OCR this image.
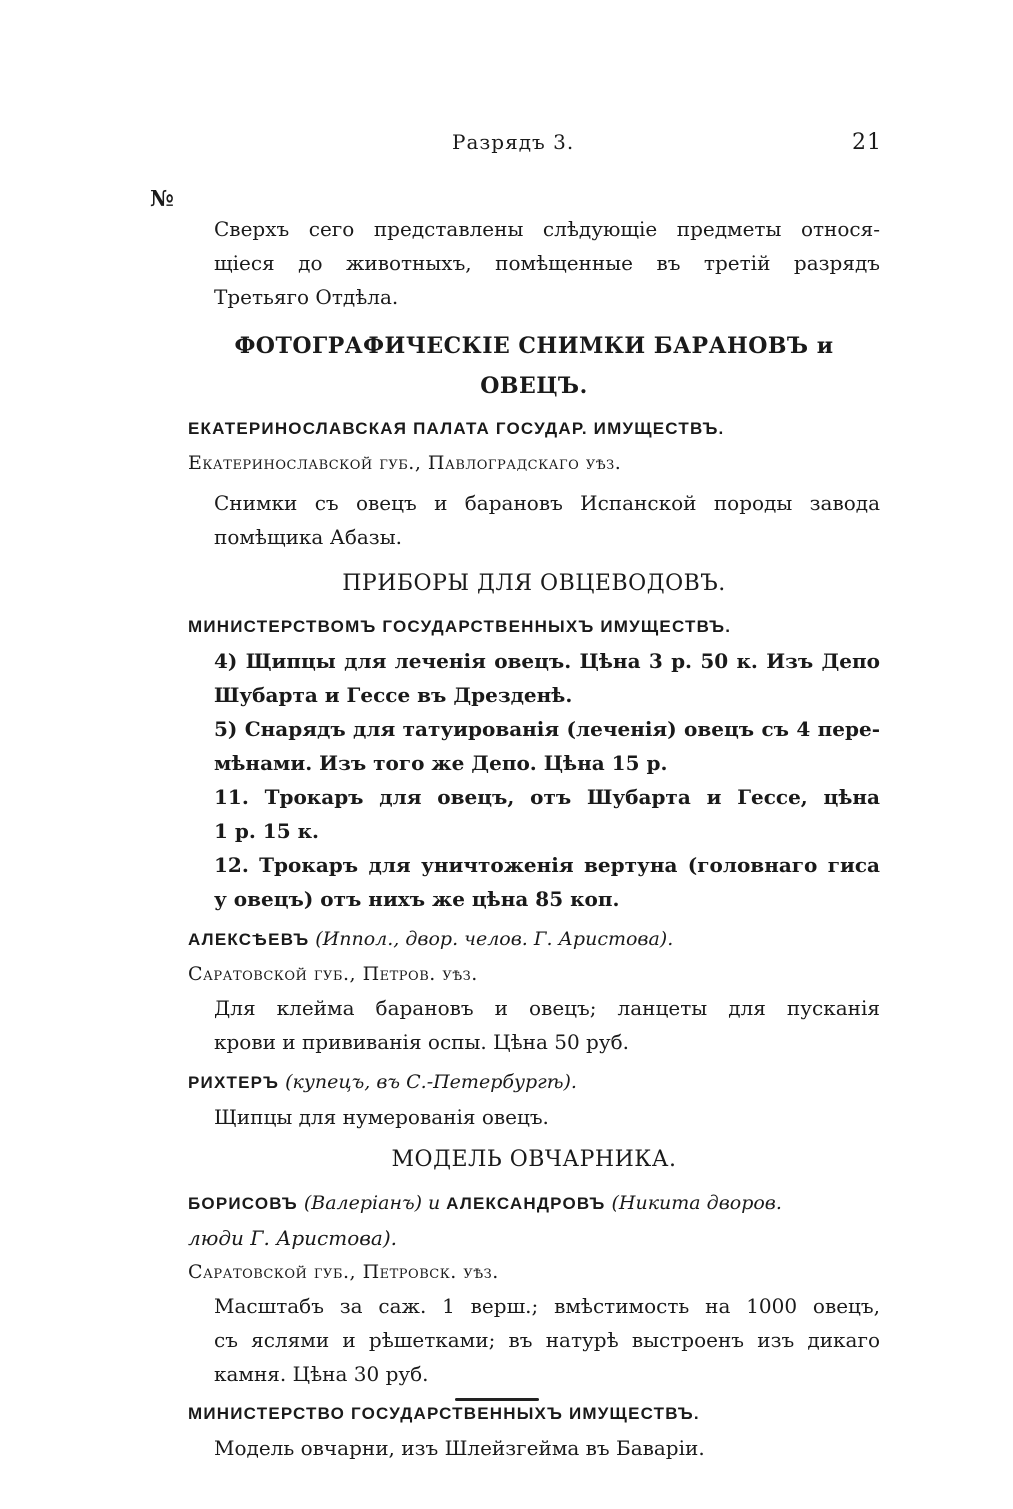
Разрядъ 3.	21
№

Сверхъ сего представлены слѣдующіе предметы относя-
щіеся до животныхъ, помѣщенные въ третій разрядъ
Третьяго Отдѣла.

ФОТОГРАФИЧЕСКІЕ СНИМКИ БАРАНОВЪ и ОВЕЦЪ.
ЕКАТЕРИНОСЛАВСКАЯ ПАЛАТА ГОСУДАР. ИМУЩЕСТВЪ.

Екатеринославской губ., Павлоградскаго уѣз.

Снимки съ овецъ и барановъ Испанской породы завода
помѣщика Абазы.

ПРИБОРЫ ДЛЯ ОВЦЕВОДОВЪ.
МИНИСТЕРСТВОМЪ ГОСУДАРСТВЕННЫХЪ ИМУЩЕСТВЪ.

4) Щипцы для леченія овецъ. Цѣна 3 р. 50 к. Изъ Депо
Шубарта и Гессе въ Дрезденѣ.

5) Снарядъ для татуированія (леченія) овецъ съ 4 пере-
мѣнами. Изъ того же Депо. Цѣна 15 р.

11. Трокаръ для овецъ, отъ Шубарта и Гессе, цѣна
1 р. 15 к.

12. Трокаръ для уничтоженія вертуна (головнаго гиса
у овецъ) отъ нихъ же цѣна 85 коп.

АЛЕКСѢЕВЪ (Иппол., двор. челов. Г. Аристова).

Саратовской губ., Петров. уѣз.

Для клейма барановъ и овецъ; ланцеты для пусканія
крови и прививанія оспы. Цѣна 50 руб.

РИХТЕРЪ (купецъ, въ С.-Петербургѣ).

Щипцы для нумерованія овецъ.

МОДЕЛЬ ОВЧАРНИКА.
БОРИСОВЪ (Валеріанъ) и АЛЕКСАНДРОВЪ (Никита дворов.

люди Г. Аристова).

Саратовской губ., Петровск. уѣз.

Масштабъ за саж. 1 верш.; вмѣстимость на 1000 овецъ,
съ яслями и рѣшетками; въ натурѣ выстроенъ изъ дикаго
камня. Цѣна 30 руб.

МИНИСТЕРСТВО ГОСУДАРСТВЕННЫХЪ ИМУЩЕСТВЪ.

Модель овчарни, изъ Шлейзгейма въ Баваріи.
